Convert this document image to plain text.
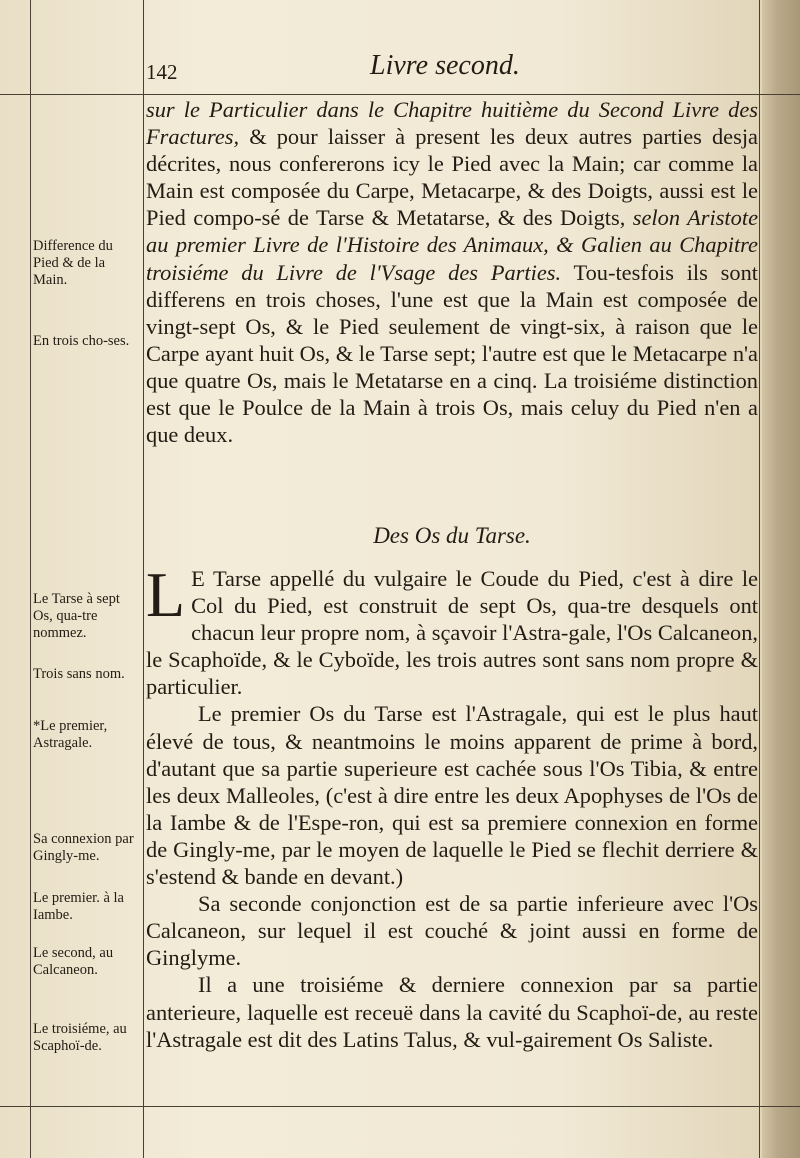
142	Livre second.
Difference du Pied & de la Main.
En trois cho-ses.
Le Tarse à sept Os, qua-tre nommez.
Trois sans nom.
*Le premier, Astragale.
Sa connexion par Gingly-me.
Le premier. à la Iambe.
Le second, au Calcaneon.
Le troisiéme, au Scaphoï-de.

sur le Particulier dans le Chapitre huitième du Second Livre des Fractures, & pour laisser à present les deux autres parties desja décrites, nous confererons icy le Pied avec la Main; car comme la Main est composée du Carpe, Metacarpe, & des Doigts, aussi est le Pied compo-sé de Tarse & Metatarse, & des Doigts, selon Aristote au premier Livre de l'Histoire des Animaux, & Galien au Chapitre troisiéme du Livre de l'Vsage des Parties. Tou-tesfois ils sont differens en trois choses, l'une est que la Main est composée de vingt-sept Os, & le Pied seulement de vingt-six, à raison que le Carpe ayant huit Os, & le Tarse sept; l'autre est que le Metacarpe n'a que quatre Os, mais le Metatarse en a cinq. La troisiéme distinction est que le Poulce de la Main à trois Os, mais celuy du Pied n'en a que deux.

Des Os du Tarse.

L E Tarse appellé du vulgaire le Coude du Pied, c'est à dire le Col du Pied, est construit de sept Os, qua-tre desquels ont chacun leur propre nom, à sçavoir l'Astra-gale, l'Os Calcaneon, le Scaphoïde, & le Cyboïde, les trois autres sont sans nom propre & particulier.

Le premier Os du Tarse est l'Astragale, qui est le plus haut élevé de tous, & neantmoins le moins apparent de prime à bord, d'autant que sa partie superieure est cachée sous l'Os Tibia, & entre les deux Malleoles, (c'est à dire entre les deux Apophyses de l'Os de la Iambe & de l'Espe-ron, qui est sa premiere connexion en forme de Gingly-me, par le moyen de laquelle le Pied se flechit derriere & s'estend & bande en devant.)

Sa seconde conjonction est de sa partie inferieure avec l'Os Calcaneon, sur lequel il est couché & joint aussi en forme de Ginglyme.

Il a une troisiéme & derniere connexion par sa partie anterieure, laquelle est receuë dans la cavité du Scaphoï-de, au reste l'Astragale est dit des Latins Talus, & vul-gairement Os Saliste.
